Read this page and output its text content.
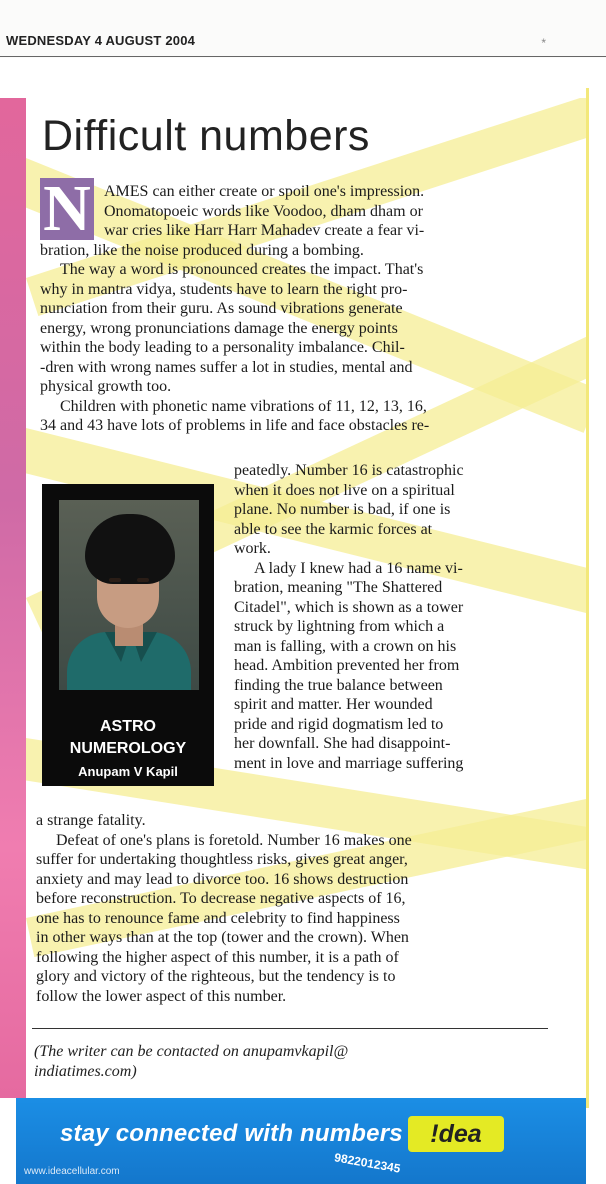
WEDNESDAY 4 AUGUST 2004	*
Difficult numbers
N AMES can either create or spoil one's impression.
Onomatopoeic words like Voodoo, dham dham or
war cries like Harr Harr Mahadev create a fear vi-
bration, like the noise produced during a bombing.
The way a word is pronounced creates the impact. That's
why in mantra vidya, students have to learn the right pro-
nunciation from their guru. As sound vibrations generate
energy, wrong pronunciations damage the energy points
within the body leading to a personality imbalance. Chil-
-dren with wrong names suffer a lot in studies, mental and
physical growth too.
Children with phonetic name vibrations of 11, 12, 13, 16,
34 and 43 have lots of problems in life and face obstacles re-
ASTRO
NUMEROLOGY
Anupam V Kapil
peatedly. Number 16 is catastrophic
when it does not live on a spiritual
plane. No number is bad, if one is
able to see the karmic forces at
work.
A lady I knew had a 16 name vi-
bration, meaning "The Shattered
Citadel", which is shown as a tower
struck by lightning from which a
man is falling, with a crown on his
head. Ambition prevented her from
finding the true balance between
spirit and matter. Her wounded
pride and rigid dogmatism led to
her downfall. She had disappoint-
ment in love and marriage suffering
a strange fatality.
Defeat of one's plans is foretold. Number 16 makes one
suffer for undertaking thoughtless risks, gives great anger,
anxiety and may lead to divorce too. 16 shows destruction
before reconstruction. To decrease negative aspects of 16,
one has to renounce fame and celebrity to find happiness
in other ways than at the top (tower and the crown). When
following the higher aspect of this number, it is a path of
glory and victory of the righteous, but the tendency is to
follow the lower aspect of this number.
(The writer can be contacted on anupamvkapil@
indiatimes.com)
stay connected with numbers	!dea
9822012345
www.ideacellular.com
